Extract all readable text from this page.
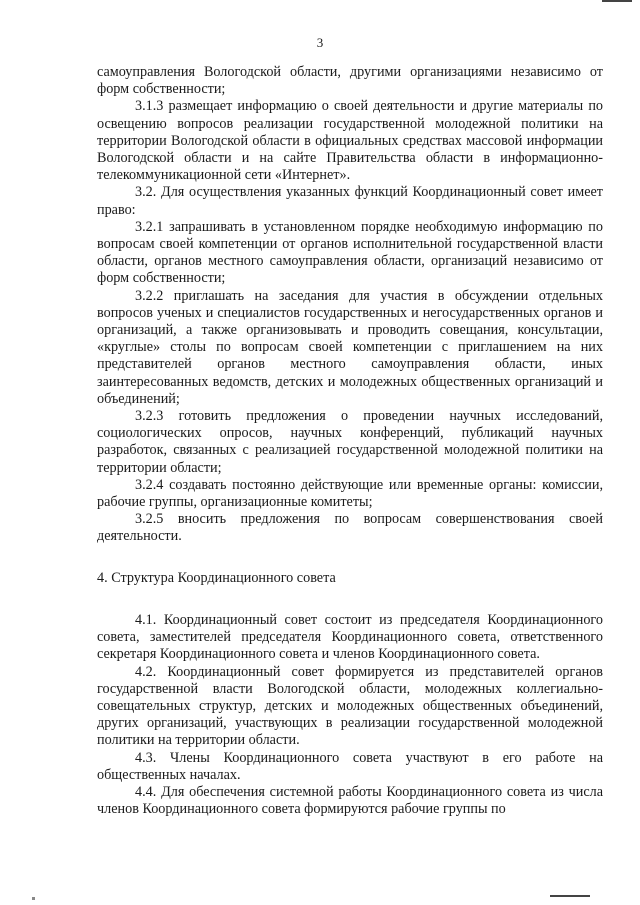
3

самоуправления Вологодской области, другими организациями независимо от форм собственности;

3.1.3 размещает информацию о своей деятельности и другие материалы по освещению вопросов реализации государственной молодежной политики на территории Вологодской области в официальных средствах массовой информации Вологодской области и на сайте Правительства области в информационно-телекоммуникационной сети «Интернет».

3.2. Для осуществления указанных функций Координационный совет имеет право:

3.2.1 запрашивать в установленном порядке необходимую информацию по вопросам своей компетенции от органов исполнительной государственной власти области, органов местного самоуправления области, организаций независимо от форм собственности;

3.2.2 приглашать на заседания для участия в обсуждении отдельных вопросов ученых и специалистов государственных и негосударственных органов и организаций, а также организовывать и проводить совещания, консультации, «круглые» столы по вопросам своей компетенции с приглашением на них представителей органов местного самоуправления области, иных заинтересованных ведомств, детских и молодежных общественных организаций и объединений;

3.2.3 готовить предложения о проведении научных исследований, социологических опросов, научных конференций, публикаций научных разработок, связанных с реализацией государственной молодежной политики на территории области;

3.2.4 создавать постоянно действующие или временные органы: комиссии, рабочие группы, организационные комитеты;

3.2.5 вносить предложения по вопросам совершенствования своей деятельности.

4. Структура Координационного совета

4.1. Координационный совет состоит из председателя Координационного совета, заместителей председателя Координационного совета, ответственного секретаря Координационного совета и членов Координационного совета.

4.2. Координационный совет формируется из представителей органов государственной власти Вологодской области, молодежных коллегиально-совещательных структур, детских и молодежных общественных объединений, других организаций, участвующих в реализации государственной молодежной политики на территории области.

4.3. Члены Координационного совета участвуют в его работе на общественных началах.

4.4. Для обеспечения системной работы Координационного совета из числа членов Координационного совета формируются рабочие группы по
